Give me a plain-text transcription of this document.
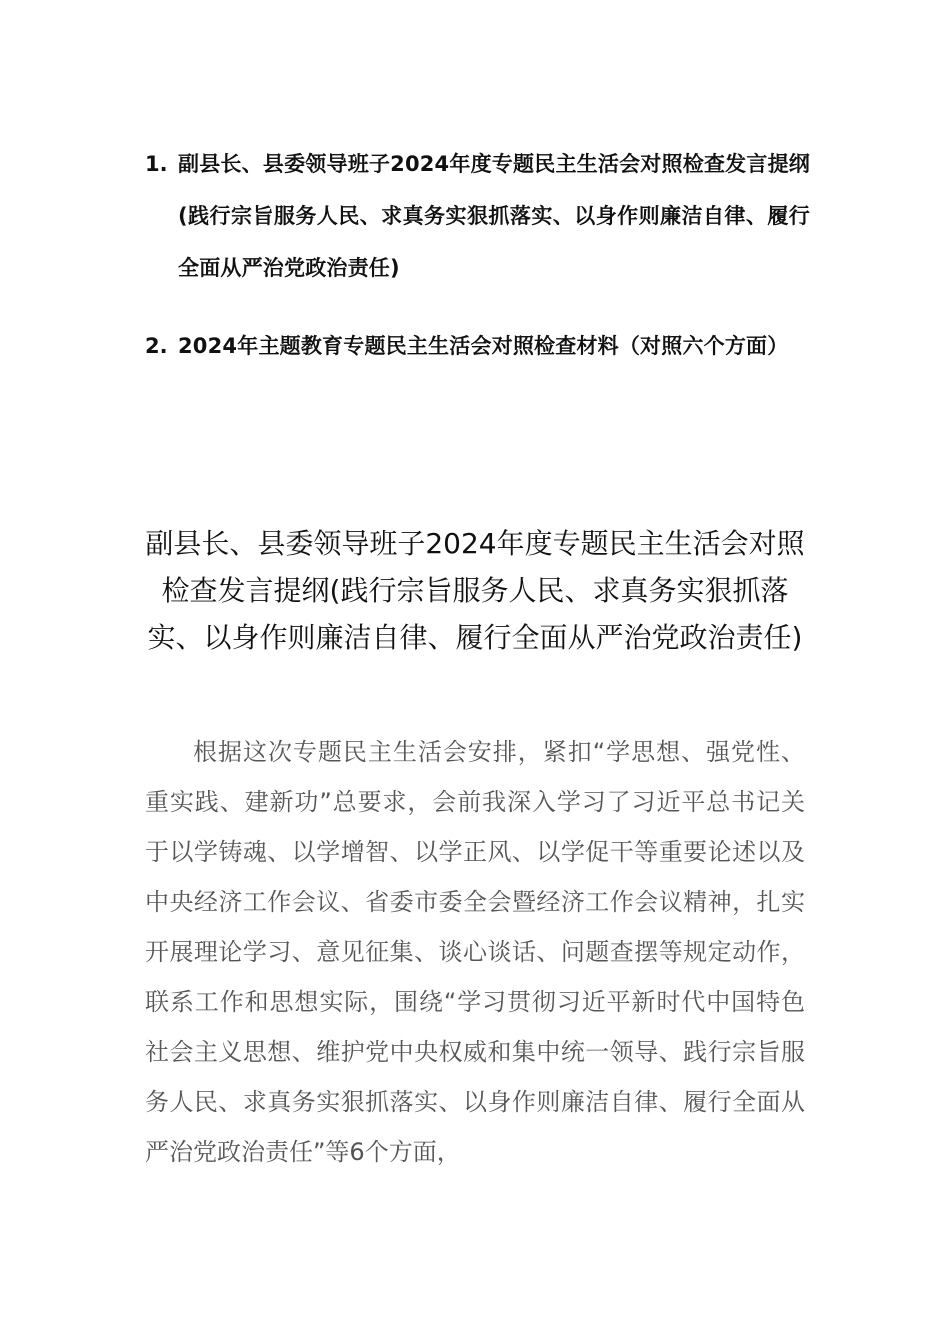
1. 副县长、县委领导班子2024年度专题民主生活会对照检查发言提纲(践行宗旨服务人民、求真务实狠抓落实、以身作则廉洁自律、履行全面从严治党政治责任)
2. 2024年主题教育专题民主生活会对照检查材料（对照六个方面）
副县长、县委领导班子2024年度专题民主生活会对照检查发言提纲(践行宗旨服务人民、求真务实狠抓落实、以身作则廉洁自律、履行全面从严治党政治责任)

根据这次专题民主生活会安排，紧扣“学思想、强党性、重实践、建新功”总要求，会前我深入学习了习近平总书记关于以学铸魂、以学增智、以学正风、以学促干等重要论述以及中央经济工作会议、省委市委全会暨经济工作会议精神，扎实开展理论学习、意见征集、谈心谈话、问题查摆等规定动作，联系工作和思想实际，围绕“学习贯彻习近平新时代中国特色社会主义思想、维护党中央权威和集中统一领导、践行宗旨服务人民、求真务实狠抓落实、以身作则廉洁自律、履行全面从严治党政治责任”等6个方面，
